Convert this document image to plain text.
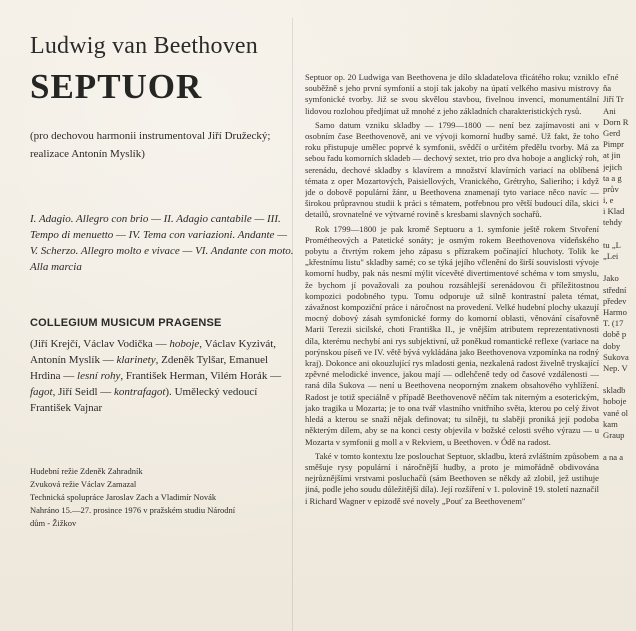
Ludwig van Beethoven
SEPTUOR
(pro dechovou harmonii instrumentoval Jiří Družecký; realizace Antonín Myslík)
I. Adagio. Allegro con brio — II. Adagio cantabile — III. Tempo di menuetto — IV. Tema con variazioni. Andante — V. Scherzo. Allegro molto e vivace — VI. Andante con moto. Alla marcia
COLLEGIUM MUSICUM PRAGENSE
(Jiří Krejčí, Václav Vodička — hoboje, Václav Kyzivát, Antonín Myslík — klarinety, Zdeněk Tylšar, Emanuel Hrdina — lesní rohy, František Herman, Vilém Horák — fagot, Jiří Seidl — kontrafagot). Umělecký vedoucí František Vajnar
Hudební režie Zdeněk Zahradník
Zvuková režie Václav Zamazal
Technická spolupráce Jaroslav Zach a Vladimír Novák
Nahráno 15.—27. prosince 1976 v pražském studiu Národní
dům - Žižkov

Septuor op. 20 Ludwiga van Beethovena je dílo skladatelova třicátého roku; vzniklo souběžně s jeho první symfonií a stojí tak jakoby na úpatí velkého masivu mistrovy symfonické tvorby. Již se svou skvělou stavbou, fivelnou invencí, monumentální lidovou rozlohou předjímat už mnohé z jeho základních charakteristických rysů.

Samo datum vzniku skladby — 1799—1800 — není bez zajímavosti ani v osobním čase Beethovenově, ani ve vývoji komorní hudby samé. Už fakt, že toho roku přistupuje umělec poprvé k symfonii, svědčí o určitém předělu tvorby. Má za sebou řadu komorních skladeb — dechový sextet, trio pro dva hoboje a anglický roh, serenádu, dechové skladby s klavírem a množství klavírních variací na oblíbená témata z oper Mozartových, Paisiellových, Vranického, Grétryho, Salieriho; i když jde o dobově populární žánr, u Beethovena znamenají tyto variace něco navíc — širokou průpravnou studii k práci s tématem, potřebnou pro větší budoucí díla, skici detailů, srovnatelné ve výtvarné rovině s kresbami slavných sochařů.

Rok 1799—1800 je pak kromě Septuoru a 1. symfonie ještě rokem Stvoření Prométheových a Patetické sonáty; je osmým rokem Beethovenova vídeňského pobytu a čtvrtým rokem jeho zápasu s přízrakem počínající hluchoty. Tolik ke „křestnímu listu" skladby samé; co se týká jejího včlenění do širší souvislosti vývoje komorní hudby, pak nás nesmí mýlit vícevěté divertimentové schéma v tom smyslu, že bychom jí považovali za pouhou rozsáhlejší serenádovou či příležitostnou kompozici podobného typu. Tomu odporuje už silně kontrastní paleta témat, závažnost kompoziční práce i náročnost na provedení. Velké hudební plochy ukazují mocný dobový zásah symfonické formy do komorní oblasti, věnování císařovně Marii Terezii sicilské, choti Františka II., je vnějším atributem reprezentativnosti díla, kterému nechybí ani rys subjektivní, už poněkud romantické reflexe (variace na porýnskou píseň ve IV. větě bývá vykládána jako Beethovenova vzpomínka na rodný kraj). Dokonce ani okouzlující rys mladosti genia, nezkalená radost živelně tryskající zpěvné melodické invence, jakou mají — odlehčeně tedy od časové vzdálenosti — raná díla Sukova — není u Beethovena neoporným znakem obsahového vyhlížení. Radost je totiž speciálně v případě Beethovenově něčím tak niterným a esoterickým, jako tragika u Mozarta; je to ona tvář vlastního vnitřního světa, kterou po celý život hledá a kterou se snaží nějak definovat; tu silněji, tu slaběji proniká její podoba některým dílem, aby se na konci cesty objevila v božské celosti svého výrazu — u Mozarta v symfonii g moll a v Rekviem, u Beethoven. v Ódě na radost.

Také v tomto kontextu lze poslouchat Septuor, skladbu, která zvláštním způsobem směšuje rysy populární i náročnější hudby, a proto je mimořádně obdivována nejrůznějšími vrstvami posluchačů (sám Beethoven se někdy až zlobil, jež ustihuje jiná, podle jeho soudu důležitější díla). Její rozšíření v 1. polovině 19. století naznačil i Richard Wagner v epizodě své novely „Pouť za Beethovenem"

eľné
ňa
Jiří Tr
Ani
Dorn R
Gerd
Pimpr
at jin
jejich
ta a g
prův
i, e
i Klad
tehdy
tu „L
„Lei
Jako
střední
předev
Harmo
T. (17
době p
doby
Sukova
Nep. V
skladb
hoboje
vané ol
kam
Graup
a na a
